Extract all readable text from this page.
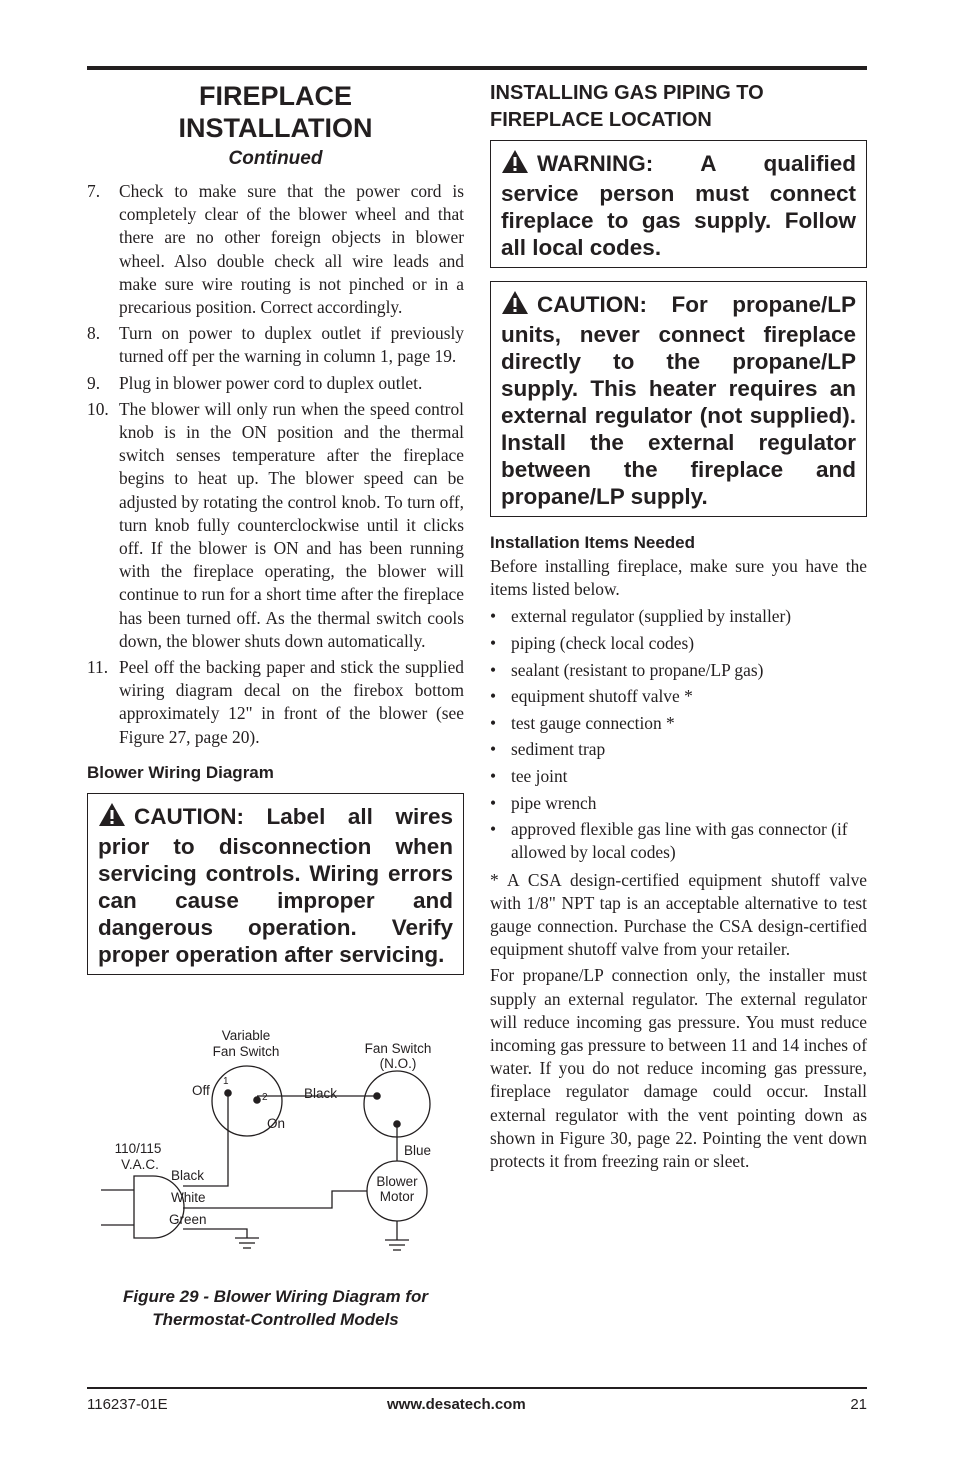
FIREPLACE
INSTALLATION
Continued
7. Check to make sure that the power cord is completely clear of the blower wheel and that there are no other foreign objects in blower wheel. Also double check all wire leads and make sure wire routing is not pinched or in a precarious position. Correct accordingly.
8. Turn on power to duplex outlet if previously turned off per the warning in column 1, page 19.
9. Plug in blower power cord to duplex outlet.
10. The blower will only run when the speed control knob is in the ON position and the thermal switch senses temperature after the fireplace begins to heat up. The blower speed can be adjusted by rotating the control knob. To turn off, turn knob fully counterclockwise until it clicks off. If the blower is ON and has been running with the fireplace operating, the blower will continue to run for a short time after the fireplace has been turned off. As the thermal switch cools down, the blower shuts down automatically.
11. Peel off the backing paper and stick the supplied wiring diagram decal on the firebox bottom approximately 12" in front of the blower (see Figure 27, page 20).
Blower Wiring Diagram
CAUTION: Label all wires prior to disconnection when servicing controls. Wiring errors can cause improper and dangerous operation. Verify proper operation after servicing.
Variable
Fan Switch	Fan Switch
(N.O.)
Off
1
2
On
Black
Blue
110/115
V.A.C.
Black
White
Green
Blower
Motor
Figure 29 - Blower Wiring Diagram for
Thermostat-Controlled Models
INSTALLING GAS PIPING TO
FIREPLACE LOCATION
WARNING: A qualified service person must connect fireplace to gas supply. Follow all local codes.
CAUTION: For propane/LP units, never connect fireplace directly to the propane/LP supply. This heater requires an external regulator (not supplied). Install the external regulator between the fireplace and propane/LP supply.
Installation Items Needed
Before installing fireplace, make sure you have the items listed below.
• external regulator (supplied by installer)
• piping (check local codes)
• sealant (resistant to propane/LP gas)
• equipment shutoff valve *
• test gauge connection *
• sediment trap
• tee joint
• pipe wrench
• approved flexible gas line with gas connector (if allowed by local codes)
* A CSA design-certified equipment shutoff valve with 1/8" NPT tap is an acceptable alternative to test gauge connection. Purchase the CSA design-certified equipment shutoff valve from your retailer.
For propane/LP connection only, the installer must supply an external regulator. The external regulator will reduce incoming gas pressure. You must reduce incoming gas pressure to between 11 and 14 inches of water. If you do not reduce incoming gas pressure, fireplace regulator damage could occur. Install external regulator with the vent pointing down as shown in Figure 30, page 22. Pointing the vent down protects it from freezing rain or sleet.
116237-01E	www.desatech.com	21
